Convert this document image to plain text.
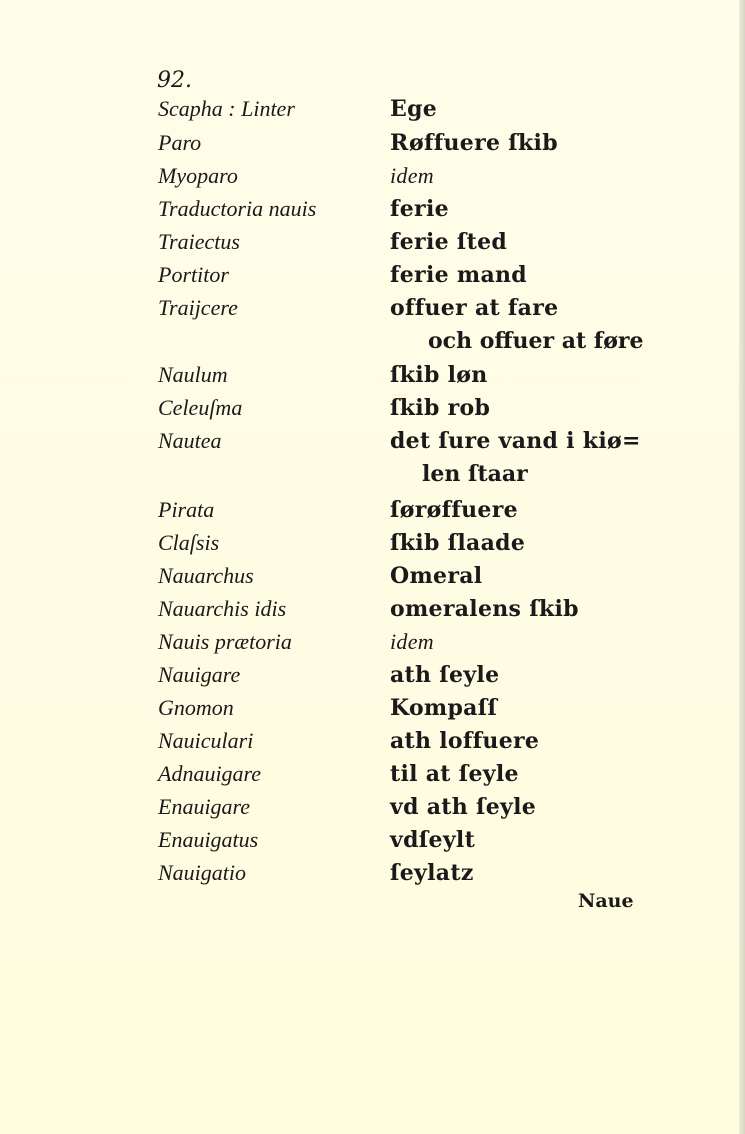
92.
Scapha : Linter	Ege
Paro	Røffuere ſkib
Myoparo	idem
Traductoria nauis	ferie
Traiectus	ferie ſted
Portitor	ferie mand
Traijcere	offuer at fare
och offuer at føre
Naulum	ſkib løn
Celeuſma	ſkib rob
Nautea	det ſure vand i kiø=
len ſtaar
Pirata	ſørøffuere
Claſsis	ſkib ſlaade
Nauarchus	Omeral
Nauarchis idis	omeralens ſkib
Nauis prætoria	idem
Nauigare	ath ſeyle
Gnomon	Kompaſſ
Nauiculari	ath loffuere
Adnauigare	til at ſeyle
Enauigare	vd ath ſeyle
Enauigatus	vdſeylt
Nauigatio	ſeylatz
Naue
